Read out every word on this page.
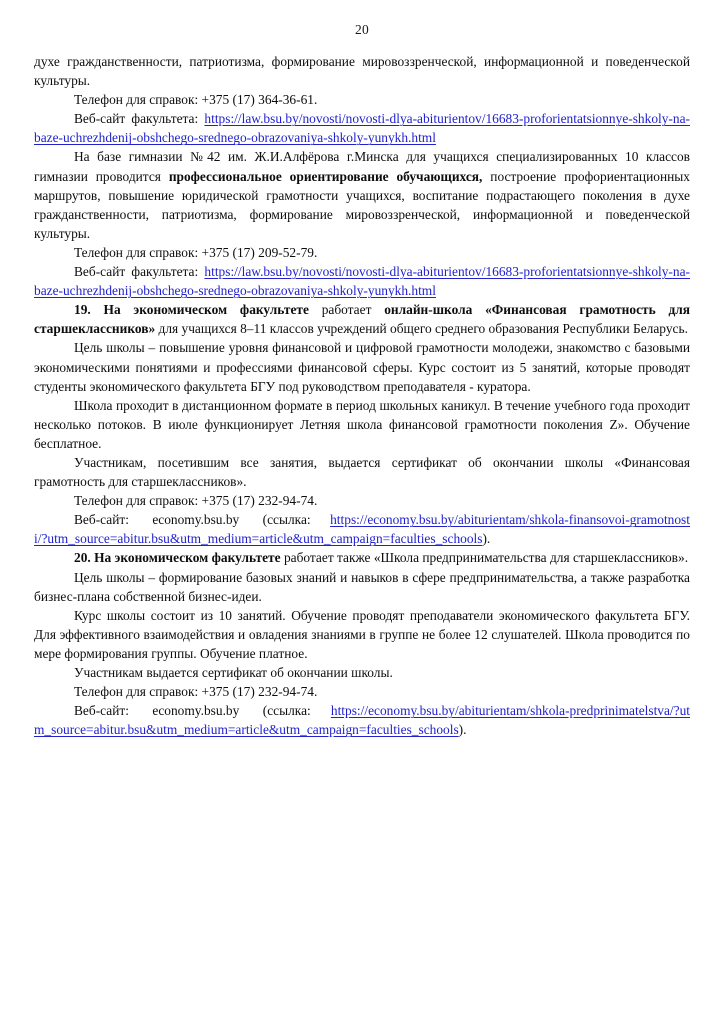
20

духе гражданственности, патриотизма, формирование мировоззренческой, информационной и поведенческой культуры.

Телефон для справок: +375 (17) 364-36-61.

Веб-сайт факультета: https://law.bsu.by/novosti/novosti-dlya-abiturientov/16683-proforientatsionnye-shkoly-na-baze-uchrezhdenij-obshchego-srednego-obrazovaniya-shkoly-yunykh.html

На базе гимназии №42 им. Ж.И.Алфёрова г.Минска для учащихся специализированных 10 классов гимназии проводится профессиональное ориентирование обучающихся, построение профориентационных маршрутов, повышение юридической грамотности учащихся, воспитание подрастающего поколения в духе гражданственности, патриотизма, формирование мировоззренческой, информационной и поведенческой культуры.

Телефон для справок: +375 (17) 209-52-79.

Веб-сайт факультета: https://law.bsu.by/novosti/novosti-dlya-abiturientov/16683-proforientatsionnye-shkoly-na-baze-uchrezhdenij-obshchego-srednego-obrazovaniya-shkoly-yunykh.html

19. На экономическом факультете работает онлайн-школа «Финансовая грамотность для старшеклассников» для учащихся 8–11 классов учреждений общего среднего образования Республики Беларусь.

Цель школы – повышение уровня финансовой и цифровой грамотности молодежи, знакомство с базовыми экономическими понятиями и профессиями финансовой сферы. Курс состоит из 5 занятий, которые проводят студенты экономического факультета БГУ под руководством преподавателя - куратора.

Школа проходит в дистанционном формате в период школьных каникул. В течение учебного года проходит несколько потоков. В июле функционирует Летняя школа финансовой грамотности поколения Z». Обучение бесплатное.

Участникам, посетившим все занятия, выдается сертификат об окончании школы «Финансовая грамотность для старшеклассников».

Телефон для справок: +375 (17) 232-94-74.

Веб-сайт: economy.bsu.by (ссылка: https://economy.bsu.by/abiturientam/shkola-finansovoi-gramotnosti/?utm_source=abitur.bsu&utm_medium=article&utm_campaign=faculties_schools).

20. На экономическом факультете работает также «Школа предпринимательства для старшеклассников».

Цель школы – формирование базовых знаний и навыков в сфере предпринимательства, а также разработка бизнес-плана собственной бизнес-идеи.

Курс школы состоит из 10 занятий. Обучение проводят преподаватели экономического факультета БГУ. Для эффективного взаимодействия и овладения знаниями в группе не более 12 слушателей. Школа проводится по мере формирования группы. Обучение платное.

Участникам выдается сертификат об окончании школы.

Телефон для справок: +375 (17) 232-94-74.

Веб-сайт: economy.bsu.by (ссылка: https://economy.bsu.by/abiturientam/shkola-predprinimatelstva/?utm_source=abitur.bsu&utm_medium=article&utm_campaign=faculties_schools).
